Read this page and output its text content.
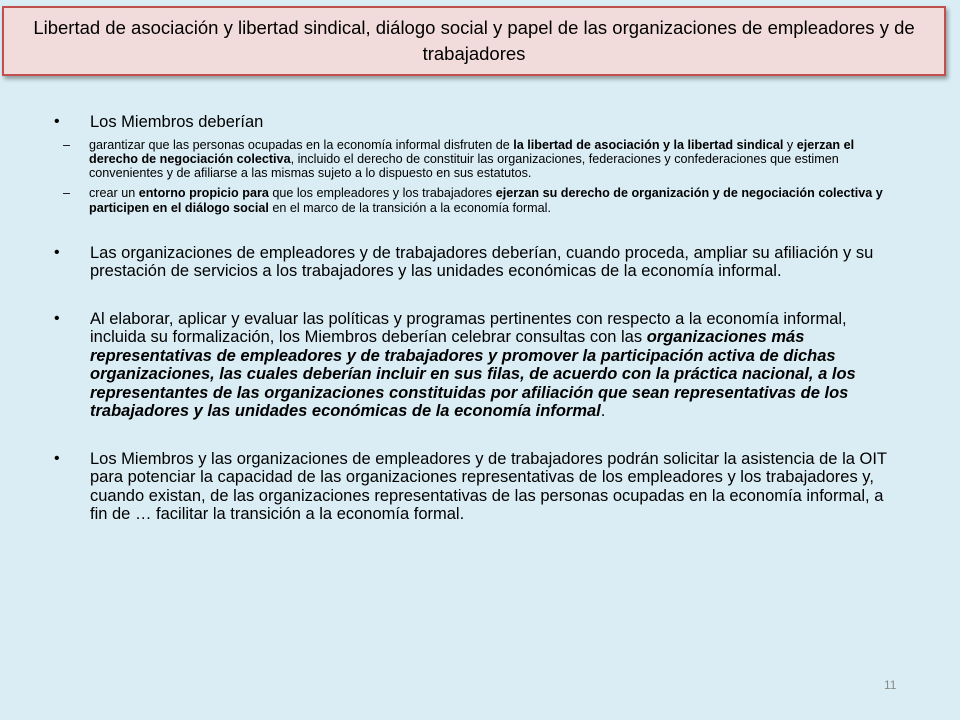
Libertad de asociación y libertad sindical, diálogo social y papel de las organizaciones de empleadores y de trabajadores
• Los Miembros deberían
– garantizar que las personas ocupadas en la economía informal disfruten de la libertad de asociación y la libertad sindical y ejerzan el derecho de negociación colectiva, incluido el derecho de constituir las organizaciones, federaciones y confederaciones que estimen convenientes y de afiliarse a las mismas sujeto a lo dispuesto en sus estatutos.
– crear un entorno propicio para que los empleadores y los trabajadores ejerzan su derecho de organización y de negociación colectiva y participen en el diálogo social en el marco de la transición a la economía formal.
• Las organizaciones de empleadores y de trabajadores deberían, cuando proceda, ampliar su afiliación y su prestación de servicios a los trabajadores y las unidades económicas de la economía informal.
• Al elaborar, aplicar y evaluar las políticas y programas pertinentes con respecto a la economía informal, incluida su formalización, los Miembros deberían celebrar consultas con las organizaciones más representativas de empleadores y de trabajadores y promover la participación activa de dichas organizaciones, las cuales deberían incluir en sus filas, de acuerdo con la práctica nacional, a los representantes de las organizaciones constituidas por afiliación que sean representativas de los trabajadores y las unidades económicas de la economía informal.
• Los Miembros y las organizaciones de empleadores y de trabajadores podrán solicitar la asistencia de la OIT para potenciar la capacidad de las organizaciones representativas de los empleadores y los trabajadores y, cuando existan, de las organizaciones representativas de las personas ocupadas en la economía informal, a fin de … facilitar la transición a la economía formal.
11
